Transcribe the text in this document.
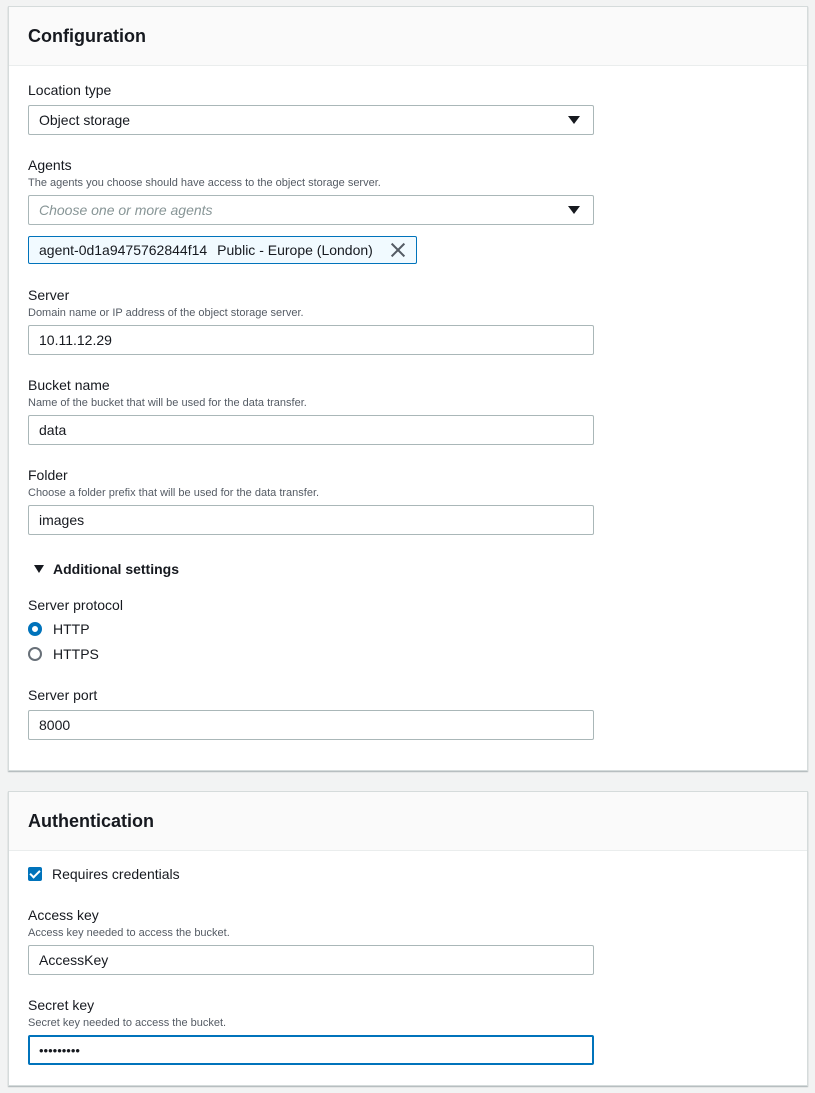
Configuration
Location type
Object storage
Agents
The agents you choose should have access to the object storage server.
Choose one or more agents
agent-0d1a9475762844f14 Public - Europe (London)
Server
Domain name or IP address of the object storage server.
10.11.12.29
Bucket name
Name of the bucket that will be used for the data transfer.
data
Folder
Choose a folder prefix that will be used for the data transfer.
images
Additional settings
Server protocol
HTTP
HTTPS
Server port
8000
Authentication
Requires credentials
Access key
Access key needed to access the bucket.
AccessKey
Secret key
Secret key needed to access the bucket.
•••••••••
